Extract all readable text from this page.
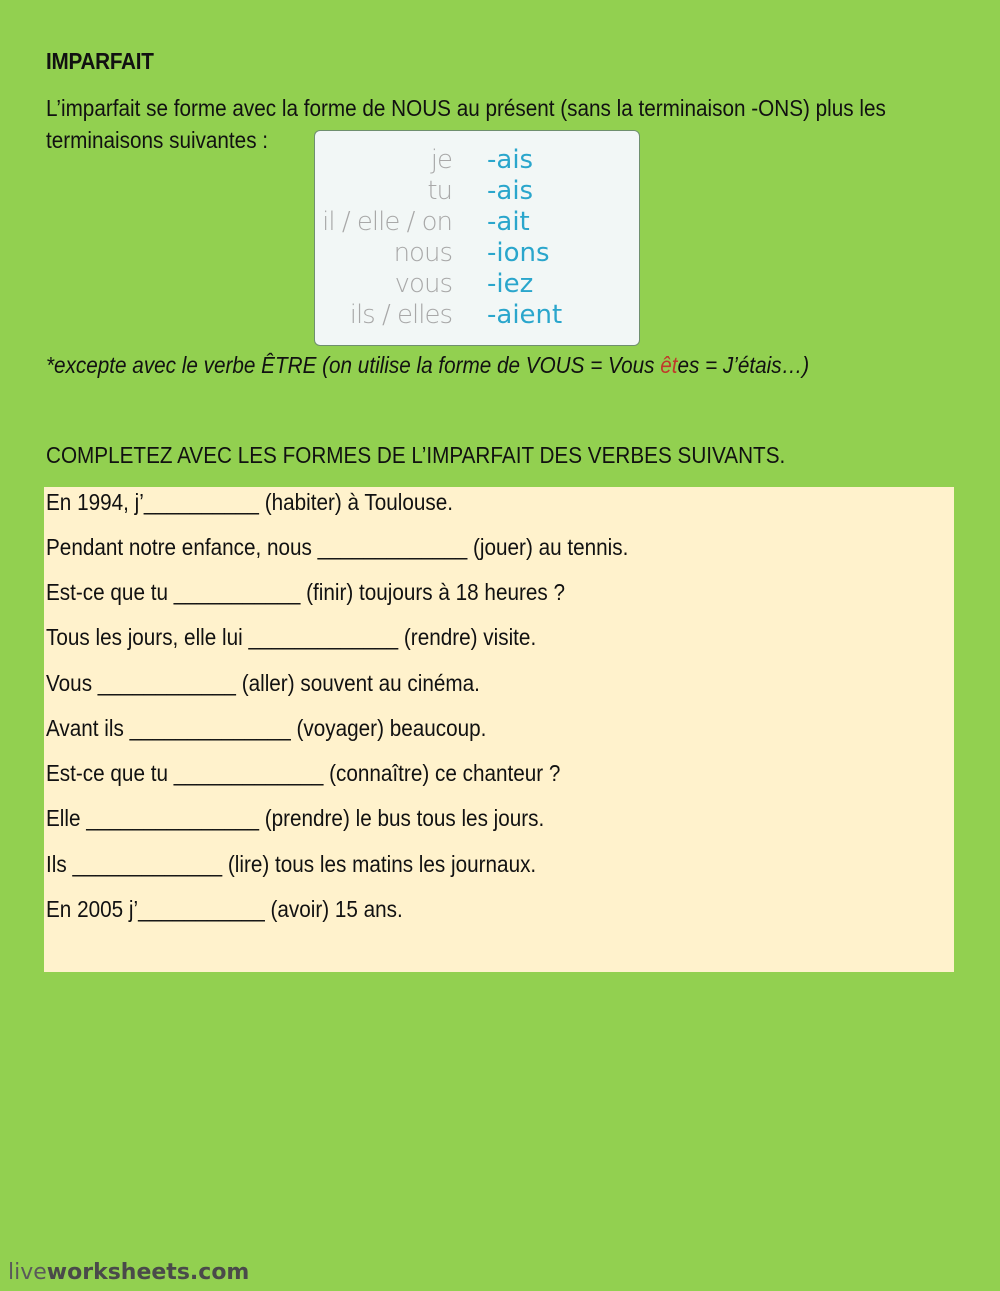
IMPARFAIT
L’imparfait se forme avec la forme de NOUS au présent (sans la terminaison -ONS) plus les
terminaisons suivantes :
je -ais
tu -ais
il / elle / on -ait
nous -ions
vous -iez
ils / elles -aient
*excepte avec le verbe ÊTRE (on utilise la forme de VOUS = Vous êtes = J’étais…)
COMPLETEZ AVEC LES FORMES DE L’IMPARFAIT DES VERBES SUIVANTS.
En 1994, j’__________ (habiter) à Toulouse.
Pendant notre enfance, nous _____________ (jouer) au tennis.
Est-ce que tu ___________ (finir) toujours à 18 heures ?
Tous les jours, elle lui _____________ (rendre) visite.
Vous ____________ (aller) souvent au cinéma.
Avant ils ______________ (voyager) beaucoup.
Est-ce que tu _____________ (connaître) ce chanteur ?
Elle _______________ (prendre) le bus tous les jours.
Ils _____________ (lire) tous les matins les journaux.
En 2005 j’___________ (avoir) 15 ans.
liveworksheets.com
